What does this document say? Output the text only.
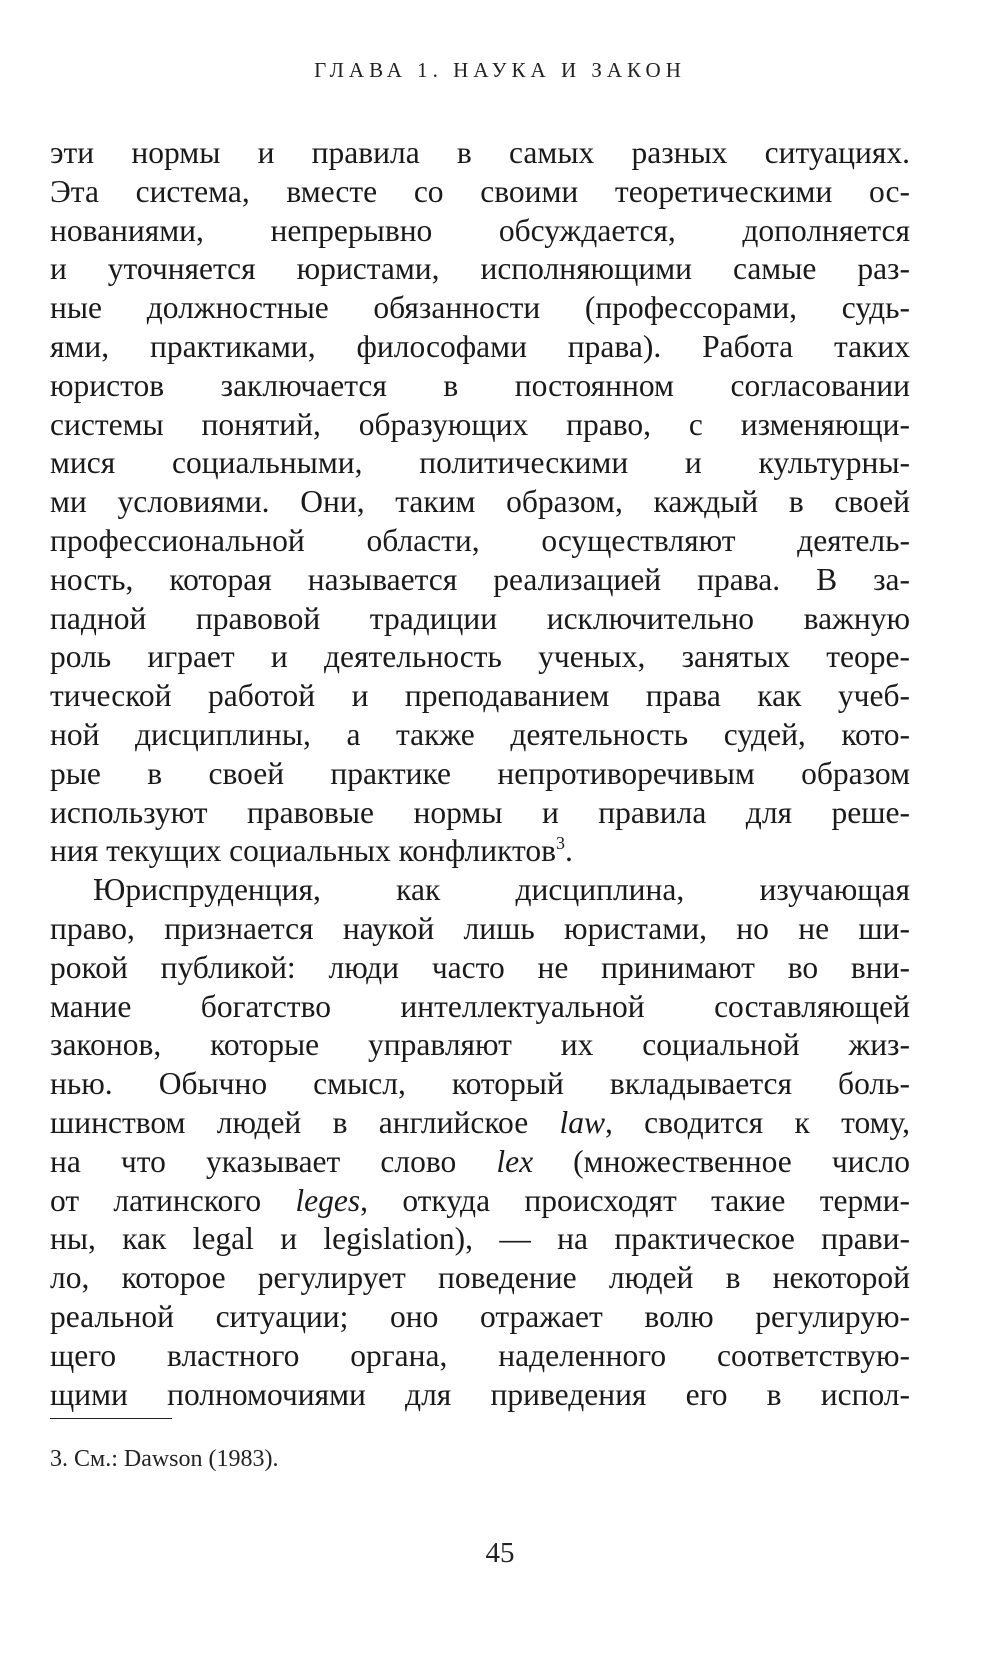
ГЛАВА 1. НАУКА И ЗАКОН
эти нормы и правила в самых разных ситуациях.
Эта система, вместе со своими теоретическими ос-
нованиями, непрерывно обсуждается, дополняется
и уточняется юристами, исполняющими самые раз-
ные должностные обязанности (профессорами, судь-
ями, практиками, философами права). Работа таких
юристов заключается в постоянном согласовании
системы понятий, образующих право, с изменяющи-
мися социальными, политическими и культурны-
ми условиями. Они, таким образом, каждый в своей
профессиональной области, осуществляют деятель-
ность, которая называется реализацией права. В за-
падной правовой традиции исключительно важную
роль играет и деятельность ученых, занятых теоре-
тической работой и преподаванием права как учеб-
ной дисциплины, а также деятельность судей, кото-
рые в своей практике непротиворечивым образом
используют правовые нормы и правила для реше-
ния текущих социальных конфликтов$^3$.
Юриспруденция, как дисциплина, изучающая
право, признается наукой лишь юристами, но не ши-
рокой публикой: люди часто не принимают во вни-
мание богатство интеллектуальной составляющей
законов, которые управляют их социальной жиз-
нью. Обычно смысл, который вкладывается боль-
шинством людей в английское law, сводится к тому,
на что указывает слово lex (множественное число
от латинского leges, откуда происходят такие терми-
ны, как legal и legislation), — на практическое прави-
ло, которое регулирует поведение людей в некоторой
реальной ситуации; оно отражает волю регулирую-
щего властного органа, наделенного соответствую-
щими полномочиями для приведения его в испол-
3. См.: Dawson (1983).
45
